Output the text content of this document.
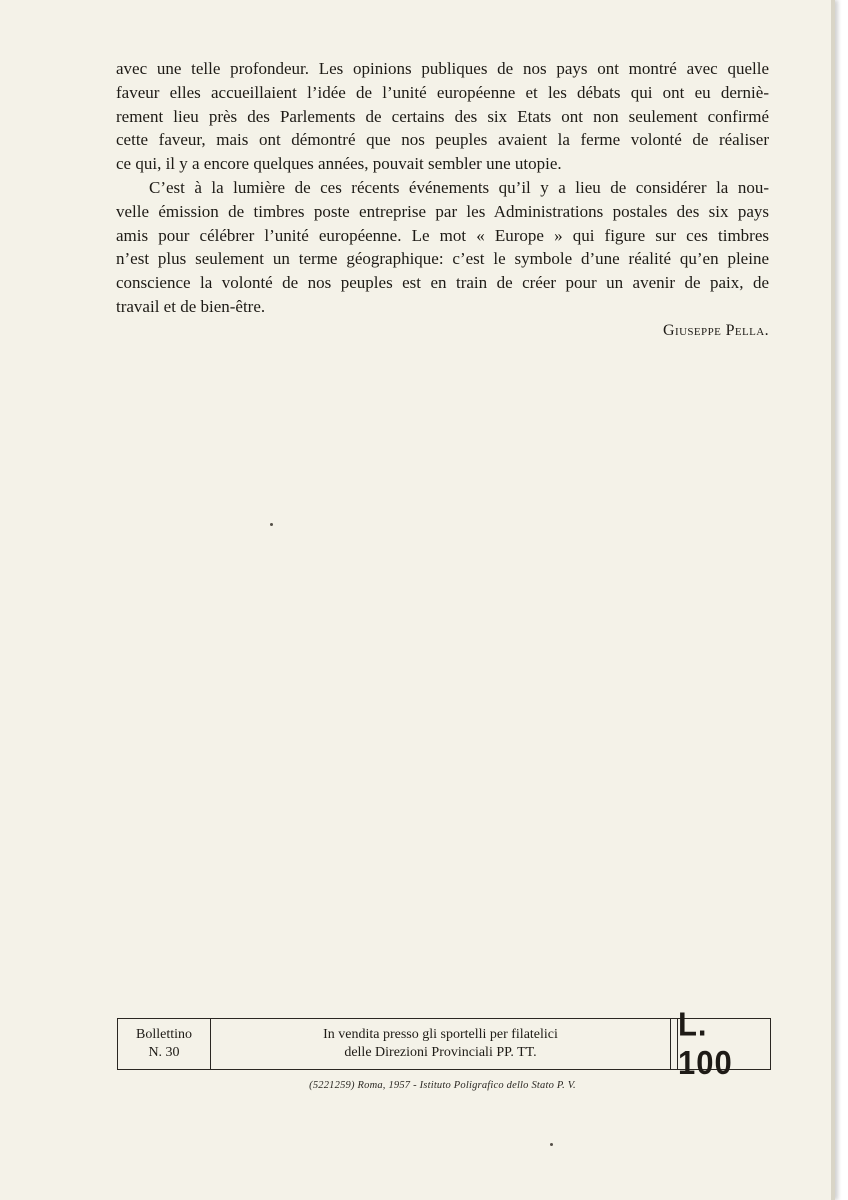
avec une telle profondeur. Les opinions publiques de nos pays ont montré avec quelle
faveur elles accueillaient l’idée de l’unité européenne et les débats qui ont eu derniè-
rement lieu près des Parlements de certains des six Etats ont non seulement confirmé
cette faveur, mais ont démontré que nos peuples avaient la ferme volonté de réaliser
ce qui, il y a encore quelques années, pouvait sembler une utopie.

C’est à la lumière de ces récents événements qu’il y a lieu de considérer la nou-
velle émission de timbres poste entreprise par les Administrations postales des six pays
amis pour célébrer l’unité européenne. Le mot « Europe » qui figure sur ces timbres
n’est plus seulement un terme géographique: c’est le symbole d’une réalité qu’en pleine
conscience la volonté de nos peuples est en train de créer pour un avenir de paix, de
travail et de bien-être.

Giuseppe Pella.
Bollettino
N. 30
In vendita presso gli sportelli per filatelici
delle Direzioni Provinciali PP. TT.
L. 100
(5221259) Roma, 1957 - Istituto Poligrafico dello Stato P. V.
